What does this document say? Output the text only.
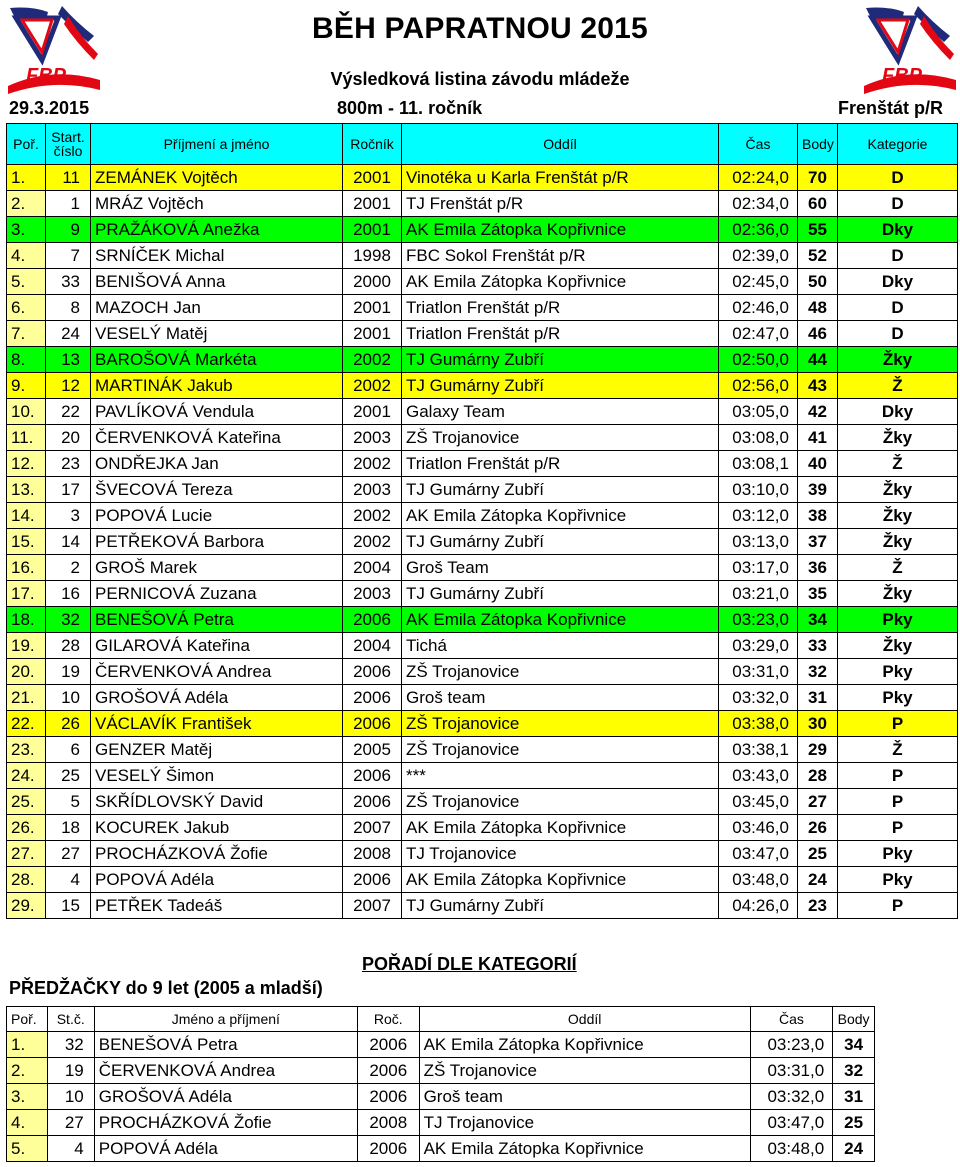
FBP	FBP
BĚH PAPRATNOU 2015
Výsledková listina závodu mládeže
29.3.2015	800m - 11. ročník	Frenštát p/R
Poř.	Start. číslo	Příjmení a jméno	Ročník	Oddíl	Čas	Body	Kategorie
1.	11	ZEMÁNEK Vojtěch	2001	Vinotéka u Karla Frenštát p/R	02:24,0	70	D
2.	1	MRÁZ Vojtěch	2001	TJ Frenštát p/R	02:34,0	60	D
3.	9	PRAŽÁKOVÁ Anežka	2001	AK Emila Zátopka Kopřivnice	02:36,0	55	Dky
4.	7	SRNÍČEK Michal	1998	FBC Sokol Frenštát p/R	02:39,0	52	D
5.	33	BENIŠOVÁ Anna	2000	AK Emila Zátopka Kopřivnice	02:45,0	50	Dky
6.	8	MAZOCH Jan	2001	Triatlon Frenštát p/R	02:46,0	48	D
7.	24	VESELÝ Matěj	2001	Triatlon Frenštát p/R	02:47,0	46	D
8.	13	BAROŠOVÁ Markéta	2002	TJ Gumárny Zubří	02:50,0	44	Žky
9.	12	MARTINÁK Jakub	2002	TJ Gumárny Zubří	02:56,0	43	Ž
10.	22	PAVLÍKOVÁ Vendula	2001	Galaxy Team	03:05,0	42	Dky
11.	20	ČERVENKOVÁ Kateřina	2003	ZŠ Trojanovice	03:08,0	41	Žky
12.	23	ONDŘEJKA Jan	2002	Triatlon Frenštát p/R	03:08,1	40	Ž
13.	17	ŠVECOVÁ Tereza	2003	TJ Gumárny Zubří	03:10,0	39	Žky
14.	3	POPOVÁ Lucie	2002	AK Emila Zátopka Kopřivnice	03:12,0	38	Žky
15.	14	PETŘEKOVÁ Barbora	2002	TJ Gumárny Zubří	03:13,0	37	Žky
16.	2	GROŠ Marek	2004	Groš Team	03:17,0	36	Ž
17.	16	PERNICOVÁ Zuzana	2003	TJ Gumárny Zubří	03:21,0	35	Žky
18.	32	BENEŠOVÁ Petra	2006	AK Emila Zátopka Kopřivnice	03:23,0	34	Pky
19.	28	GILAROVÁ Kateřina	2004	Tichá	03:29,0	33	Žky
20.	19	ČERVENKOVÁ Andrea	2006	ZŠ Trojanovice	03:31,0	32	Pky
21.	10	GROŠOVÁ Adéla	2006	Groš team	03:32,0	31	Pky
22.	26	VÁCLAVÍK František	2006	ZŠ Trojanovice	03:38,0	30	P
23.	6	GENZER Matěj	2005	ZŠ Trojanovice	03:38,1	29	Ž
24.	25	VESELÝ Šimon	2006	***	03:43,0	28	P
25.	5	SKŘÍDLOVSKÝ David	2006	ZŠ Trojanovice	03:45,0	27	P
26.	18	KOCUREK Jakub	2007	AK Emila Zátopka Kopřivnice	03:46,0	26	P
27.	27	PROCHÁZKOVÁ Žofie	2008	TJ Trojanovice	03:47,0	25	Pky
28.	4	POPOVÁ Adéla	2006	AK Emila Zátopka Kopřivnice	03:48,0	24	Pky
29.	15	PETŘEK Tadeáš	2007	TJ Gumárny Zubří	04:26,0	23	P
POŘADÍ DLE KATEGORIÍ
PŘEDŽAČKY do 9 let (2005 a mladší)
Poř.	St.č.	Jméno a příjmení	Roč.	Oddíl	Čas	Body
1.	32	BENEŠOVÁ Petra	2006	AK Emila Zátopka Kopřivnice	03:23,0	34
2.	19	ČERVENKOVÁ Andrea	2006	ZŠ Trojanovice	03:31,0	32
3.	10	GROŠOVÁ Adéla	2006	Groš team	03:32,0	31
4.	27	PROCHÁZKOVÁ Žofie	2008	TJ Trojanovice	03:47,0	25
5.	4	POPOVÁ Adéla	2006	AK Emila Zátopka Kopřivnice	03:48,0	24
